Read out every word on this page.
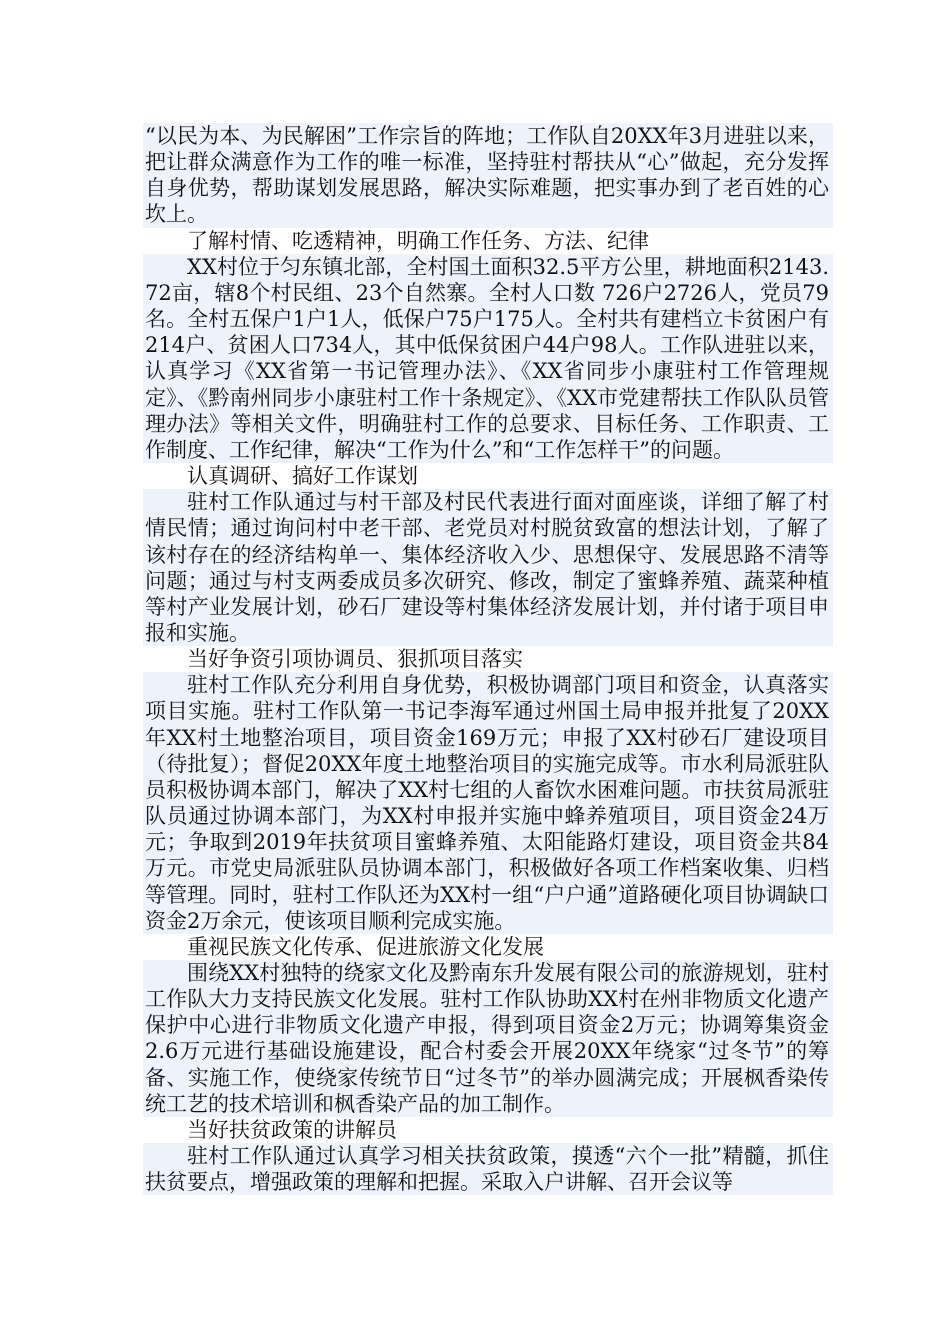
“以民为本、为民解困”工作宗旨的阵地；工作队自20XX年3月进驻以来，把让群众满意作为工作的唯一标准，坚持驻村帮扶从“心”做起，充分发挥自身优势，帮助谋划发展思路，解决实际难题，把实事办到了老百姓的心坎上。

了解村情、吃透精神，明确工作任务、方法、纪律

XX村位于匀东镇北部，全村国土面积32.5平方公里，耕地面积2143.72亩，辖8个村民组、23个自然寨。全村人口数 726户2726人，党员79名。全村五保户1户1人，低保户75户175人。全村共有建档立卡贫困户有214户、贫困人口734人，其中低保贫困户44户98人。工作队进驻以来，认真学习《XX省第一书记管理办法》、《XX省同步小康驻村工作管理规定》、《黔南州同步小康驻村工作十条规定》、《XX市党建帮扶工作队队员管理办法》等相关文件，明确驻村工作的总要求、目标任务、工作职责、工作制度、工作纪律，解决“工作为什么”和“工作怎样干”的问题。

认真调研、搞好工作谋划

驻村工作队通过与村干部及村民代表进行面对面座谈，详细了解了村情民情；通过询问村中老干部、老党员对村脱贫致富的想法计划，了解了该村存在的经济结构单一、集体经济收入少、思想保守、发展思路不清等问题；通过与村支两委成员多次研究、修改，制定了蜜蜂养殖、蔬菜种植等村产业发展计划，砂石厂建设等村集体经济发展计划，并付诸于项目申报和实施。

当好争资引项协调员、狠抓项目落实

驻村工作队充分利用自身优势，积极协调部门项目和资金，认真落实项目实施。驻村工作队第一书记李海军通过州国土局申报并批复了20XX年XX村土地整治项目，项目资金169万元；申报了XX村砂石厂建设项目（待批复）；督促20XX年度土地整治项目的实施完成等。市水利局派驻队员积极协调本部门，解决了XX村七组的人畜饮水困难问题。市扶贫局派驻队员通过协调本部门，为XX村申报并实施中蜂养殖项目，项目资金24万元；争取到2019年扶贫项目蜜蜂养殖、太阳能路灯建设，项目资金共84万元。市党史局派驻队员协调本部门，积极做好各项工作档案收集、归档等管理。同时，驻村工作队还为XX村一组“户户通”道路硬化项目协调缺口资金2万余元，使该项目顺利完成实施。

重视民族文化传承、促进旅游文化发展

围绕XX村独特的绕家文化及黔南东升发展有限公司的旅游规划，驻村工作队大力支持民族文化发展。驻村工作队协助XX村在州非物质文化遗产保护中心进行非物质文化遗产申报，得到项目资金2万元；协调筹集资金2.6万元进行基础设施建设，配合村委会开展20XX年绕家“过冬节”的筹备、实施工作，使绕家传统节日“过冬节”的举办圆满完成；开展枫香染传统工艺的技术培训和枫香染产品的加工制作。

当好扶贫政策的讲解员

驻村工作队通过认真学习相关扶贫政策，摸透“六个一批”精髓，抓住扶贫要点，增强政策的理解和把握。采取入户讲解、召开会议等
